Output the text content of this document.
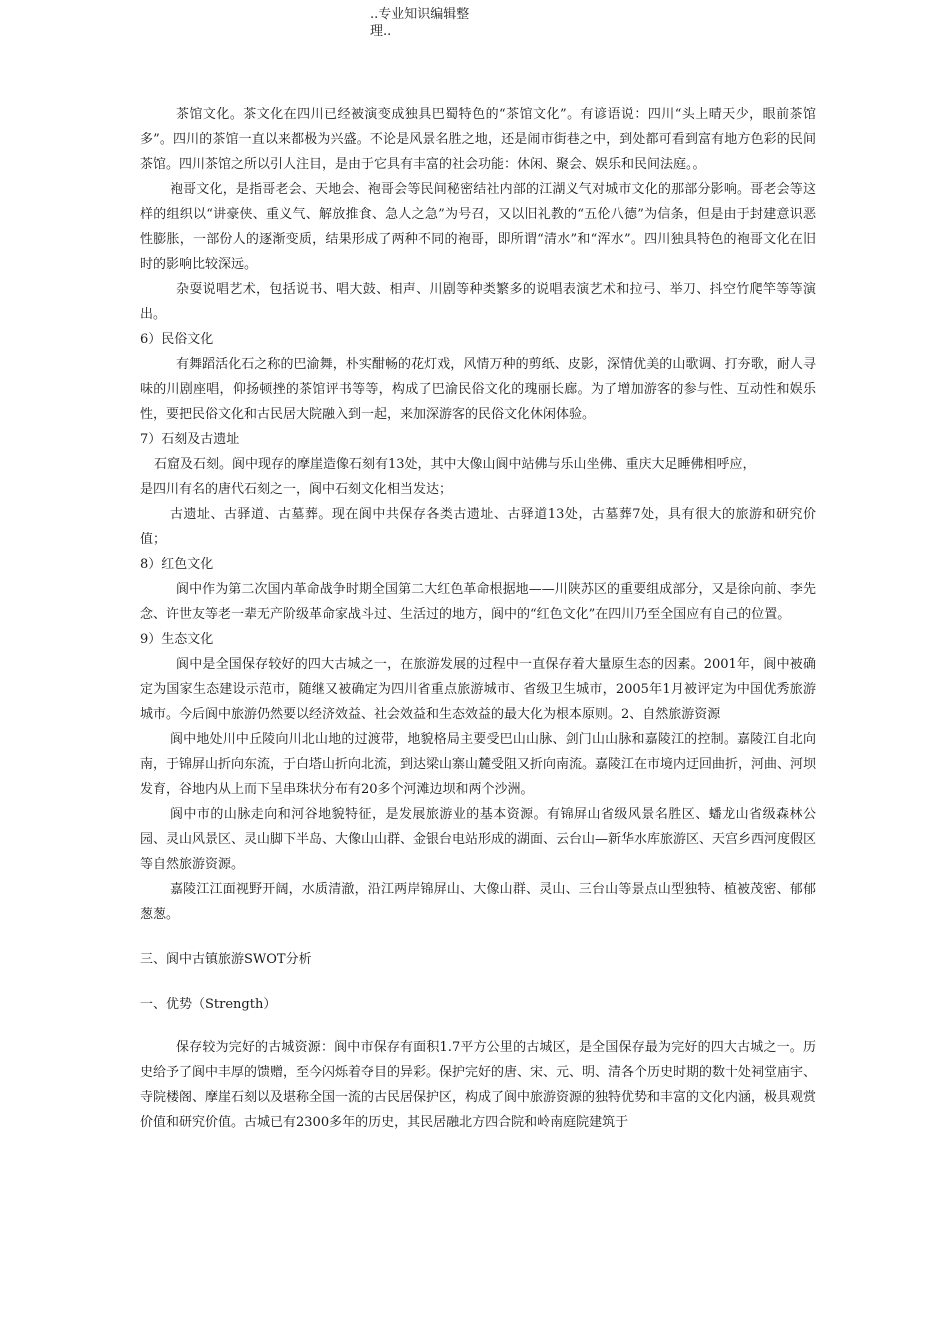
..专业知识编辑整
理..

茶馆文化。茶文化在四川已经被演变成独具巴蜀特色的“茶馆文化”。有谚语说：四川“头上晴天少，眼前茶馆多”。四川的茶馆一直以来都极为兴盛。不论是风景名胜之地，还是闹市街巷之中，到处都可看到富有地方色彩的民间茶馆。四川茶馆之所以引人注目，是由于它具有丰富的社会功能：休闲、聚会、娱乐和民间法庭。。

袍哥文化，是指哥老会、天地会、袍哥会等民间秘密结社内部的江湖义气对城市文化的那部分影响。哥老会等这样的组织以“讲豪侠、重义气、解放推食、急人之急”为号召，又以旧礼教的“五伦八德”为信条，但是由于封建意识恶性膨胀，一部份人的逐渐变质，结果形成了两种不同的袍哥，即所谓“清水”和“浑水”。四川独具特色的袍哥文化在旧时的影响比较深远。

杂耍说唱艺术，包括说书、唱大鼓、相声、川剧等种类繁多的说唱表演艺术和拉弓、举刀、抖空竹爬竿等等演出。

6）民俗文化

有舞蹈活化石之称的巴渝舞，朴实酣畅的花灯戏，风情万种的剪纸、皮影，深情优美的山歌调、打夯歌，耐人寻味的川剧座唱，仰扬顿挫的茶馆评书等等，构成了巴渝民俗文化的瑰丽长廊。为了增加游客的参与性、互动性和娱乐性，要把民俗文化和古民居大院融入到一起，来加深游客的民俗文化休闲体验。

7）石刻及古遗址

石窟及石刻。阆中现存的摩崖造像石刻有13处，其中大像山阆中站佛与乐山坐佛、重庆大足睡佛相呼应，

是四川有名的唐代石刻之一，阆中石刻文化相当发达；

古遗址、古驿道、古墓葬。现在阆中共保存各类古遗址、古驿道13处，古墓葬7处，具有很大的旅游和研究价值；

8）红色文化

阆中作为第二次国内革命战争时期全国第二大红色革命根据地——川陕苏区的重要组成部分，又是徐向前、李先念、许世友等老一辈无产阶级革命家战斗过、生活过的地方，阆中的“红色文化”在四川乃至全国应有自己的位置。

9）生态文化

阆中是全国保存较好的四大古城之一，在旅游发展的过程中一直保存着大量原生态的因素。2001年，阆中被确定为国家生态建设示范市，随继又被确定为四川省重点旅游城市、省级卫生城市，2005年1月被评定为中国优秀旅游城市。今后阆中旅游仍然要以经济效益、社会效益和生态效益的最大化为根本原则。2、自然旅游资源

阆中地处川中丘陵向川北山地的过渡带，地貌格局主要受巴山山脉、剑门山山脉和嘉陵江的控制。嘉陵江自北向南，于锦屏山折向东流，于白塔山折向北流，到达梁山寨山麓受阻又折向南流。嘉陵江在市境内迂回曲折，河曲、河坝发育，谷地内从上而下呈串珠状分布有20多个河滩边坝和两个沙洲。

阆中市的山脉走向和河谷地貌特征，是发展旅游业的基本资源。有锦屏山省级风景名胜区、蟠龙山省级森林公园、灵山风景区、灵山脚下半岛、大像山山群、金银台电站形成的湖面、云台山—新华水库旅游区、天宫乡西河度假区等自然旅游资源。

嘉陵江江面视野开阔，水质清澈，沿江两岸锦屏山、大像山群、灵山、三台山等景点山型独特、植被茂密、郁郁葱葱。

三、阆中古镇旅游SWOT分析

一、优势（Strength）

保存较为完好的古城资源：阆中市保存有面积1.7平方公里的古城区，是全国保存最为完好的四大古城之一。历史给予了阆中丰厚的馈赠，至今闪烁着夺目的异彩。保护完好的唐、宋、元、明、清各个历史时期的数十处祠堂庙宇、寺院楼阁、摩崖石刻以及堪称全国一流的古民居保护区，构成了阆中旅游资源的独特优势和丰富的文化内涵，极具观赏价值和研究价值。古城已有2300多年的历史，其民居融北方四合院和岭南庭院建筑于
